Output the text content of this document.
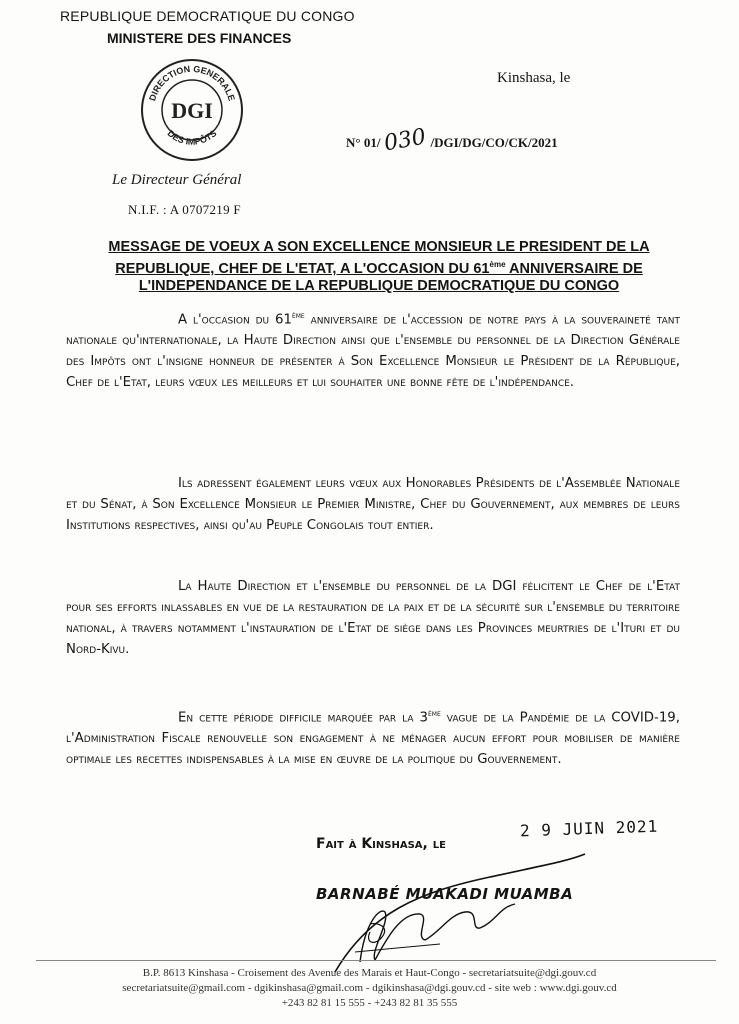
REPUBLIQUE DEMOCRATIQUE DU CONGO
MINISTERE DES FINANCES
DIRECTION GENERALE
DES IMPÔTS
DGI
Le Directeur Général
N.I.F. : A 0707219 F
Kinshasa, le
N° 01/ 030 /DGI/DG/CO/CK/2021
MESSAGE DE VOEUX A SON EXCELLENCE MONSIEUR LE PRESIDENT DE LA REPUBLIQUE, CHEF DE L'ETAT, A L'OCCASION DU 61ème ANNIVERSAIRE DE L'INDEPENDANCE DE LA REPUBLIQUE DEMOCRATIQUE DU CONGO

A l'occasion du 61ème anniversaire de l'accession de notre pays à la souveraineté tant nationale qu'internationale, la Haute Direction ainsi que l'ensemble du personnel de la Direction Générale des Impôts ont l'insigne honneur de présenter à Son Excellence Monsieur le Président de la République, Chef de l'Etat, leurs vœux les meilleurs et lui souhaiter une bonne fête de l'indépendance.

Ils adressent également leurs vœux aux Honorables Présidents de l'Assemblée Nationale et du Sénat, à Son Excellence Monsieur le Premier Ministre, Chef du Gouvernement, aux membres de leurs Institutions respectives, ainsi qu'au Peuple Congolais tout entier.

La Haute Direction et l'ensemble du personnel de la DGI félicitent le Chef de l'Etat pour ses efforts inlassables en vue de la restauration de la paix et de la sécurité sur l'ensemble du territoire national, à travers notamment l'instauration de l'Etat de siège dans les Provinces meurtries de l'Ituri et du Nord-Kivu.

En cette période difficile marquée par la 3ème vague de la Pandémie de la COVID-19, l'Administration Fiscale renouvelle son engagement à ne ménager aucun effort pour mobiliser de manière optimale les recettes indispensables à la mise en œuvre de la politique du Gouvernement.

Fait à Kinshasa, le
2 9 JUIN 2021
BARNABÉ MUAKADI MUAMBA
B.P. 8613 Kinshasa - Croisement des Avenue des Marais et Haut-Congo - secretariatsuite@dgi.gouv.cd
secretariatsuite@gmail.com - dgikinshasa@gmail.com - dgikinshasa@dgi.gouv.cd - site web : www.dgi.gouv.cd
+243 82 81 15 555 - +243 82 81 35 555
